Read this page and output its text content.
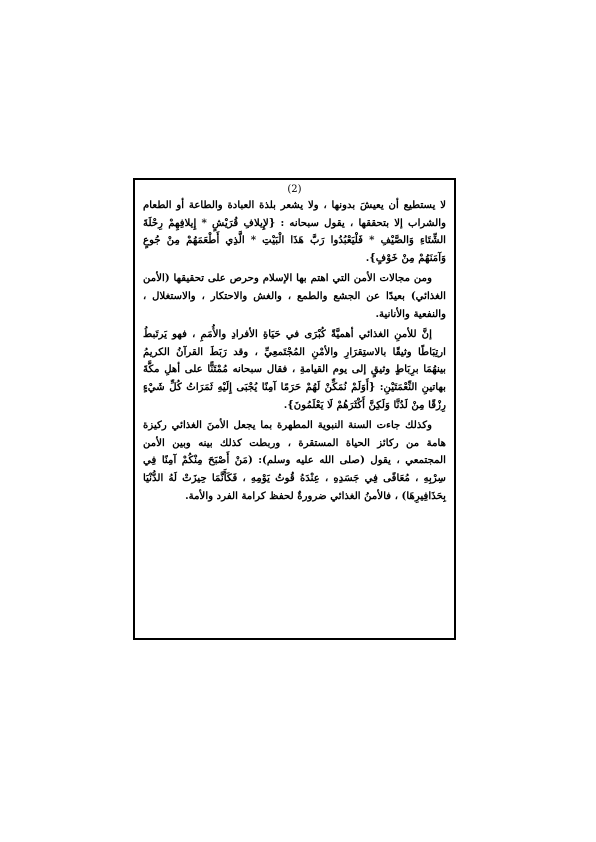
(2)

لا يستطيع أن يعيشَ بدونها ، ولا يشعر بلذة العبادة والطاعة أو الطعام والشراب إلا بتحققها ، يقول سبحانه : {لإِيلافِ قُرَيْشٍ * إِيلافِهِمْ رِحْلَةَ الشِّتَاءِ وَالصَّيْفِ * فَلْيَعْبُدُوا رَبَّ هَذَا الْبَيْتِ * الَّذِي أَطْعَمَهُمْ مِنْ جُوعٍ وَآمَنَهُمْ مِنْ خَوْفٍ}.

ومن مجالات الأمن التي اهتم بها الإسلام وحرص على تحقيقها (الأمن الغذائي) بعيدًا عن الجشع والطمع ، والغش والاحتكار ، والاستغلال ، والنفعية والأنانية.

إنَّ للأمنِ الغذائي أهميَّةً كُبْرَى في حَيَاةِ الأفرادِ والأُمَمِ ، فهو يَرتَبطُ ارتِبَاطًا وثيقًا بالاستِقرَارِ والأمْنِ المُجْتَمعِيِّ ، وقد رَبَطَ القرآنُ الكريمُ بينهُمَا برِبَاطٍ وثيقٍ إلى يوم القيامةِ ، فقال سبحانه مُمْتَنًّا على أهلِ مكَّةَ بهاتينِ النِّعْمَتَيْنِ: {أَوَلَمْ نُمَكِّنْ لَهُمْ حَرَمًا آمِنًا يُجْبَى إِلَيْهِ ثَمَرَاتُ كُلِّ شَيْءٍ رِزْقًا مِنْ لَدُنَّا وَلَكِنَّ أَكْثَرَهُمْ لَا يَعْلَمُونَ}.

وكذلك جاءت السنة النبوية المطهرة بما يجعل الأمنَ الغذائي ركيزة هامة من ركائز الحياة المستقرة ، وربطت كذلك بينه وبين الأمن المجتمعي ، يقول (صلى الله عليه وسلم): (مَنْ أَصْبَحَ مِنْكُمْ آمِنًا فِي سِرْبِهِ ، مُعَافًى فِي جَسَدِهِ ، عِنْدَهُ قُوتُ يَوْمِهِ ، فَكَأَنَّمَا حِيزَتْ لَهُ الدُّنْيَا بِحَذَافِيرِهَا) ، فالأمنُ الغذائي ضرورةٌ لحفظ كرامة الفرد والأمة.
